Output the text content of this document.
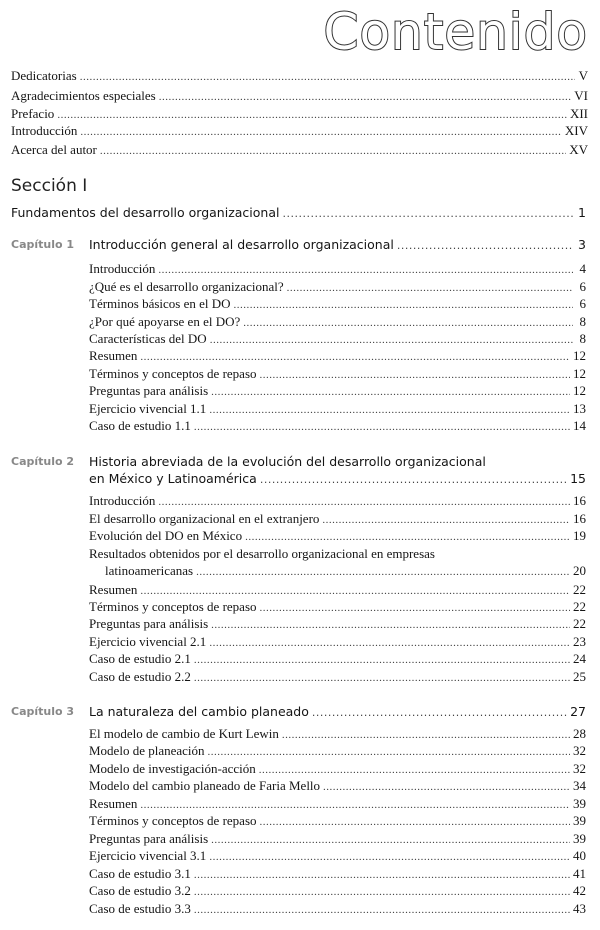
Contenido
Dedicatorias .....	V
Agradecimientos especiales .....	VI
Prefacio .....	XII
Introducción .....	XIV
Acerca del autor .....	XV
Sección I
Fundamentos del desarrollo organizacional .....	1
Capítulo 1 Introducción general al desarrollo organizacional .....	3
Introducción .....	4
¿Qué es el desarrollo organizacional? .....	6
Términos básicos en el DO .....	6
¿Por qué apoyarse en el DO? .....	8
Características del DO .....	8
Resumen .....	12
Términos y conceptos de repaso .....	12
Preguntas para análisis .....	12
Ejercicio vivencial 1.1 .....	13
Caso de estudio 1.1 .....	14
Capítulo 2 Historia abreviada de la evolución del desarrollo organizacional
en México y Latinoamérica .....	15
Introducción .....	16
El desarrollo organizacional en el extranjero .....	16
Evolución del DO en México .....	19
Resultados obtenidos por el desarrollo organizacional en empresas
latinoamericanas .....	20
Resumen .....	22
Términos y conceptos de repaso .....	22
Preguntas para análisis .....	22
Ejercicio vivencial 2.1 .....	23
Caso de estudio 2.1 .....	24
Caso de estudio 2.2 .....	25
Capítulo 3 La naturaleza del cambio planeado .....	27
El modelo de cambio de Kurt Lewin .....	28
Modelo de planeación .....	32
Modelo de investigación-acción .....	32
Modelo del cambio planeado de Faria Mello .....	34
Resumen .....	39
Términos y conceptos de repaso .....	39
Preguntas para análisis .....	39
Ejercicio vivencial 3.1 .....	40
Caso de estudio 3.1 .....	41
Caso de estudio 3.2 .....	42
Caso de estudio 3.3 .....	43
